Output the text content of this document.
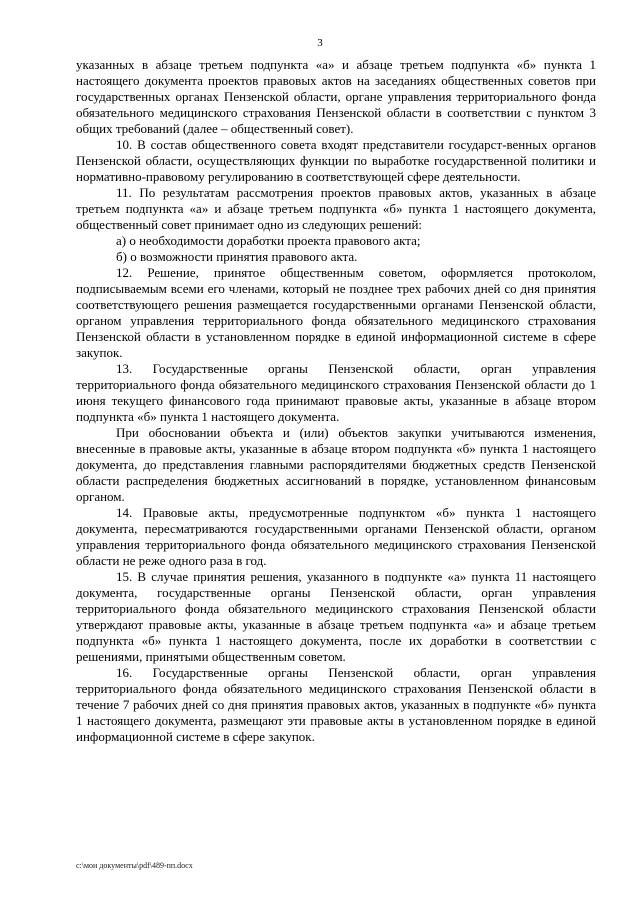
3

указанных в абзаце третьем подпункта «а» и абзаце третьем подпункта «б» пункта 1 настоящего документа проектов правовых актов на заседаниях общественных советов при государственных органах Пензенской области, органе управления территориального фонда обязательного медицинского страхования Пензенской области в соответствии с пунктом 3 общих требований (далее – общественный совет).

10. В состав общественного совета входят представители государст-венных органов Пензенской области, осуществляющих функции по выработке государственной политики и нормативно-правовому регулированию в соответствующей сфере деятельности.

11. По результатам рассмотрения проектов правовых актов, указанных в абзаце третьем подпункта «а» и абзаце третьем подпункта «б» пункта 1 настоящего документа, общественный совет принимает одно из следующих решений:

а) о необходимости доработки проекта правового акта;

б) о возможности принятия правового акта.

12. Решение, принятое общественным советом, оформляется протоколом, подписываемым всеми его членами, который не позднее трех рабочих дней со дня принятия соответствующего решения размещается государственными органами Пензенской области, органом управления территориального фонда обязательного медицинского страхования Пензенской области в установленном порядке в единой информационной системе в сфере закупок.

13. Государственные органы Пензенской области, орган управления территориального фонда обязательного медицинского страхования Пензенской области до 1 июня текущего финансового года принимают правовые акты, указанные в абзаце втором подпункта «б» пункта 1 настоящего документа.

При обосновании объекта и (или) объектов закупки учитываются изменения, внесенные в правовые акты, указанные в абзаце втором подпункта «б» пункта 1 настоящего документа, до представления главными распорядителями бюджетных средств Пензенской области распределения бюджетных ассигнований в порядке, установленном финансовым органом.

14. Правовые акты, предусмотренные подпунктом «б» пункта 1 настоящего документа, пересматриваются государственными органами Пензенской области, органом управления территориального фонда обязательного медицинского страхования Пензенской области не реже одного раза в год.

15. В случае принятия решения, указанного в подпункте «а» пункта 11 настоящего документа, государственные органы Пензенской области, орган управления территориального фонда обязательного медицинского страхования Пензенской области утверждают правовые акты, указанные в абзаце третьем подпункта «а» и абзаце третьем подпункта «б» пункта 1 настоящего документа, после их доработки в соответствии с решениями, принятыми общественным советом.

16. Государственные органы Пензенской области, орган управления территориального фонда обязательного медицинского страхования Пензенской области в течение 7 рабочих дней со дня принятия правовых актов, указанных в подпункте «б» пункта 1 настоящего документа, размещают эти правовые акты в установленном порядке в единой информационной системе в сфере закупок.

c:\мои документы\pdf\489-пп.docx
